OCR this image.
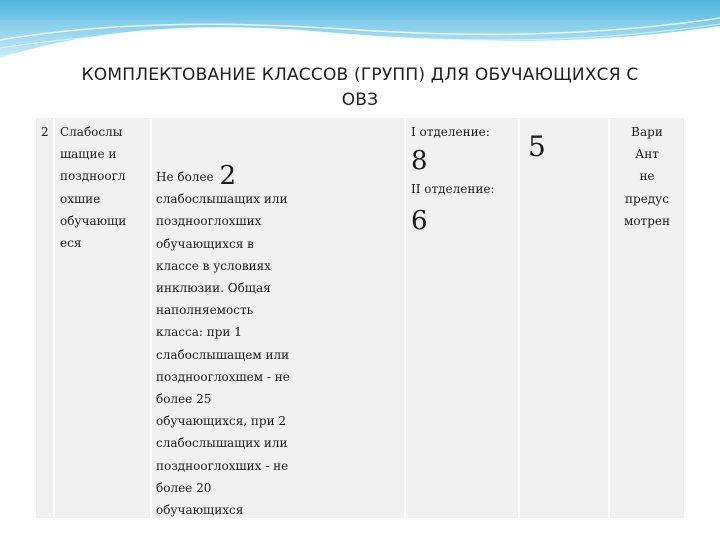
КОМПЛЕКТОВАНИЕ КЛАССОВ (ГРУПП) ДЛЯ ОБУЧАЮЩИХСЯ С
ОВЗ
2 Слабослы
шащие и
поздноогл
охшие
обучающи
еся
Не более 2
слабослышащих или
позднооглохших
обучающихся в
классе в условиях
инклюзии. Общая
наполняемость
класса: при 1
слабослышащем или
позднооглохшем - не
более 25
обучающихся, при 2
слабослышащих или
позднооглохших - не
более 20
обучающихся
I отделение:
8
II отделение:
6
5	Вари
Ант
не
предус
мотрен
